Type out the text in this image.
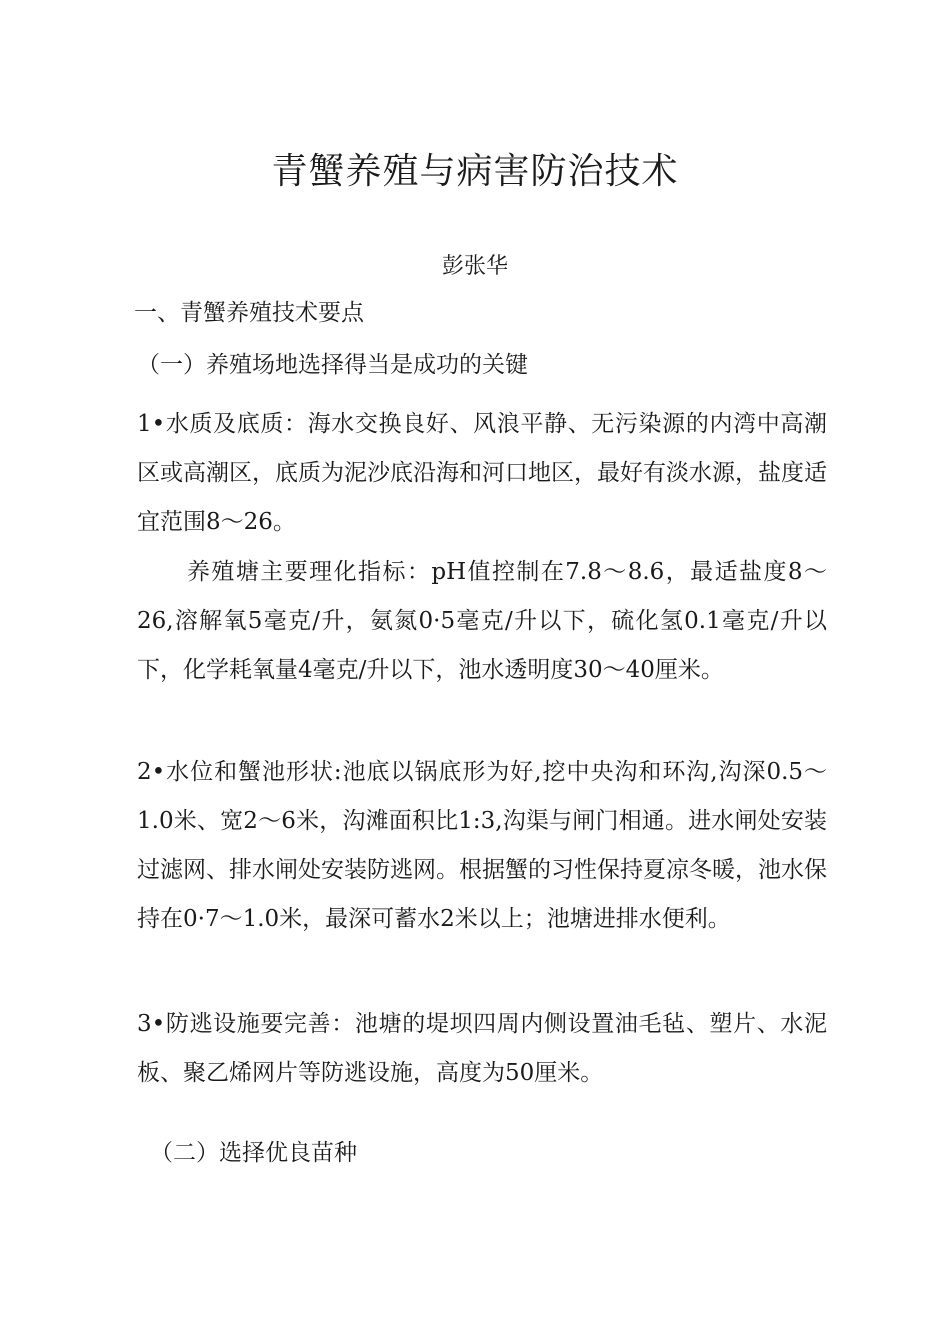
青蟹养殖与病害防治技术
彭张华
一、青蟹养殖技术要点
（一）养殖场地选择得当是成功的关键
1•水质及底质：海水交换良好、风浪平静、无污染源的内湾中高潮区或高潮区，底质为泥沙底沿海和河口地区，最好有淡水源，盐度适宜范围8〜26。
养殖塘主要理化指标：pH值控制在7.8〜8.6，最适盐度8〜26,溶解氧5毫克/升，氨氮0·5毫克/升以下，硫化氢0.1毫克/升以下，化学耗氧量4毫克/升以下，池水透明度30〜40厘米。
2•水位和蟹池形状:池底以锅底形为好,挖中央沟和环沟,沟深0.5〜1.0米、宽2〜6米，沟滩面积比1:3,沟渠与闸门相通。进水闸处安装过滤网、排水闸处安装防逃网。根据蟹的习性保持夏凉冬暖，池水保持在0·7〜1.0米，最深可蓄水2米以上；池塘进排水便利。
3•防逃设施要完善：池塘的堤坝四周内侧设置油毛毡、塑片、水泥板、聚乙烯网片等防逃设施，高度为50厘米。
（二）选择优良苗种
